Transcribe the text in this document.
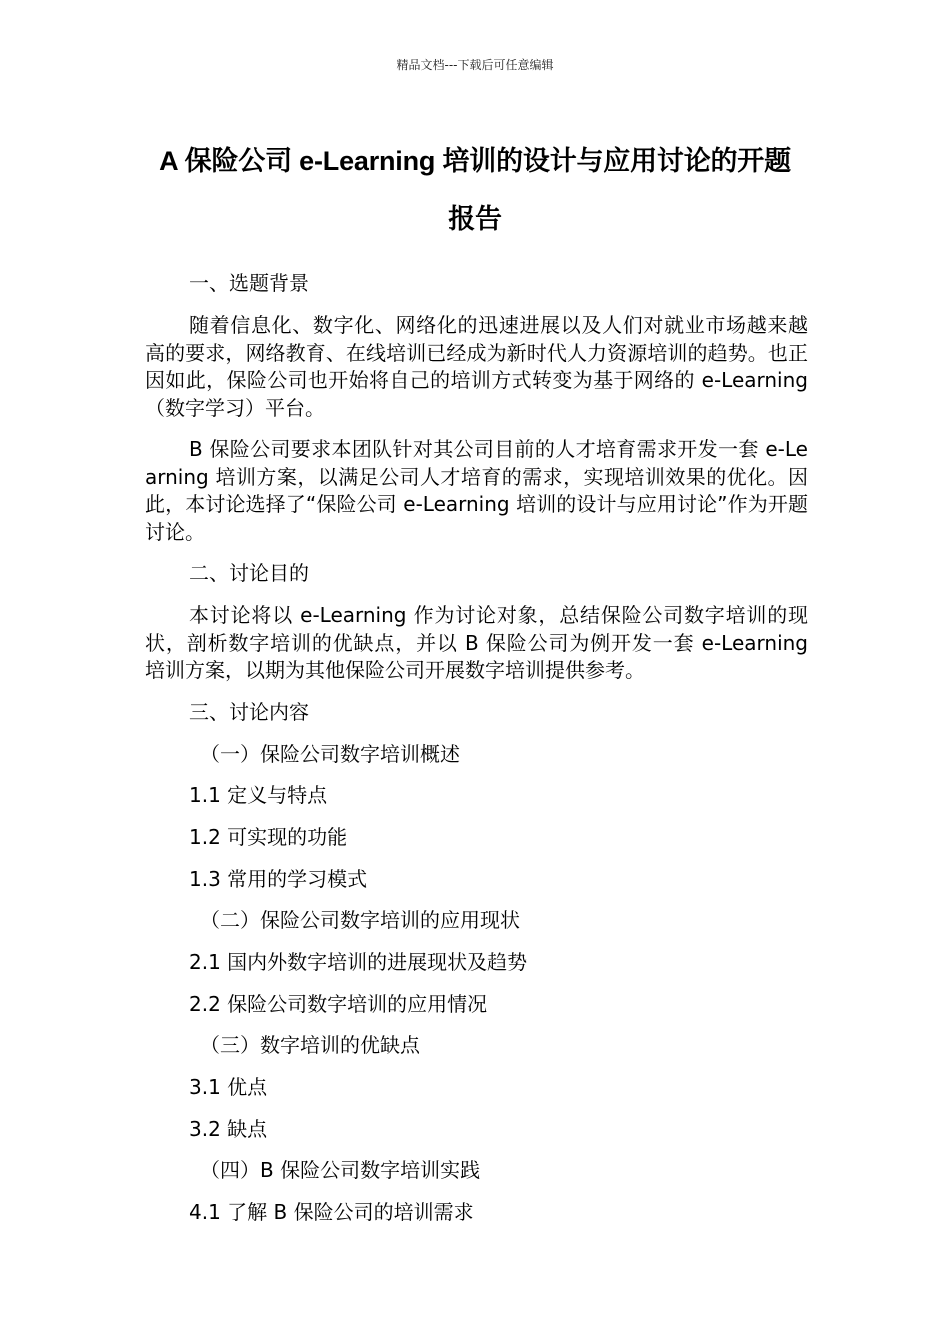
精品文档---下载后可任意编辑
A 保险公司 e-Learning 培训的设计与应用讨论的开题
报告

一、选题背景

随着信息化、数字化、网络化的迅速进展以及人们对就业市场越来越高的要求，网络教育、在线培训已经成为新时代人力资源培训的趋势。也正因如此，保险公司也开始将自己的培训方式转变为基于网络的 e-Learning（数字学习）平台。

B 保险公司要求本团队针对其公司目前的人才培育需求开发一套 e-Learning 培训方案，以满足公司人才培育的需求，实现培训效果的优化。因此，本讨论选择了“保险公司 e-Learning 培训的设计与应用讨论”作为开题讨论。

二、讨论目的

本讨论将以 e-Learning 作为讨论对象，总结保险公司数字培训的现状，剖析数字培训的优缺点，并以 B 保险公司为例开发一套 e-Learning 培训方案，以期为其他保险公司开展数字培训提供参考。

三、讨论内容

（一）保险公司数字培训概述

1.1 定义与特点

1.2 可实现的功能

1.3 常用的学习模式

（二）保险公司数字培训的应用现状

2.1 国内外数字培训的进展现状及趋势

2.2 保险公司数字培训的应用情况

（三）数字培训的优缺点

3.1 优点

3.2 缺点

（四）B 保险公司数字培训实践

4.1 了解 B 保险公司的培训需求
